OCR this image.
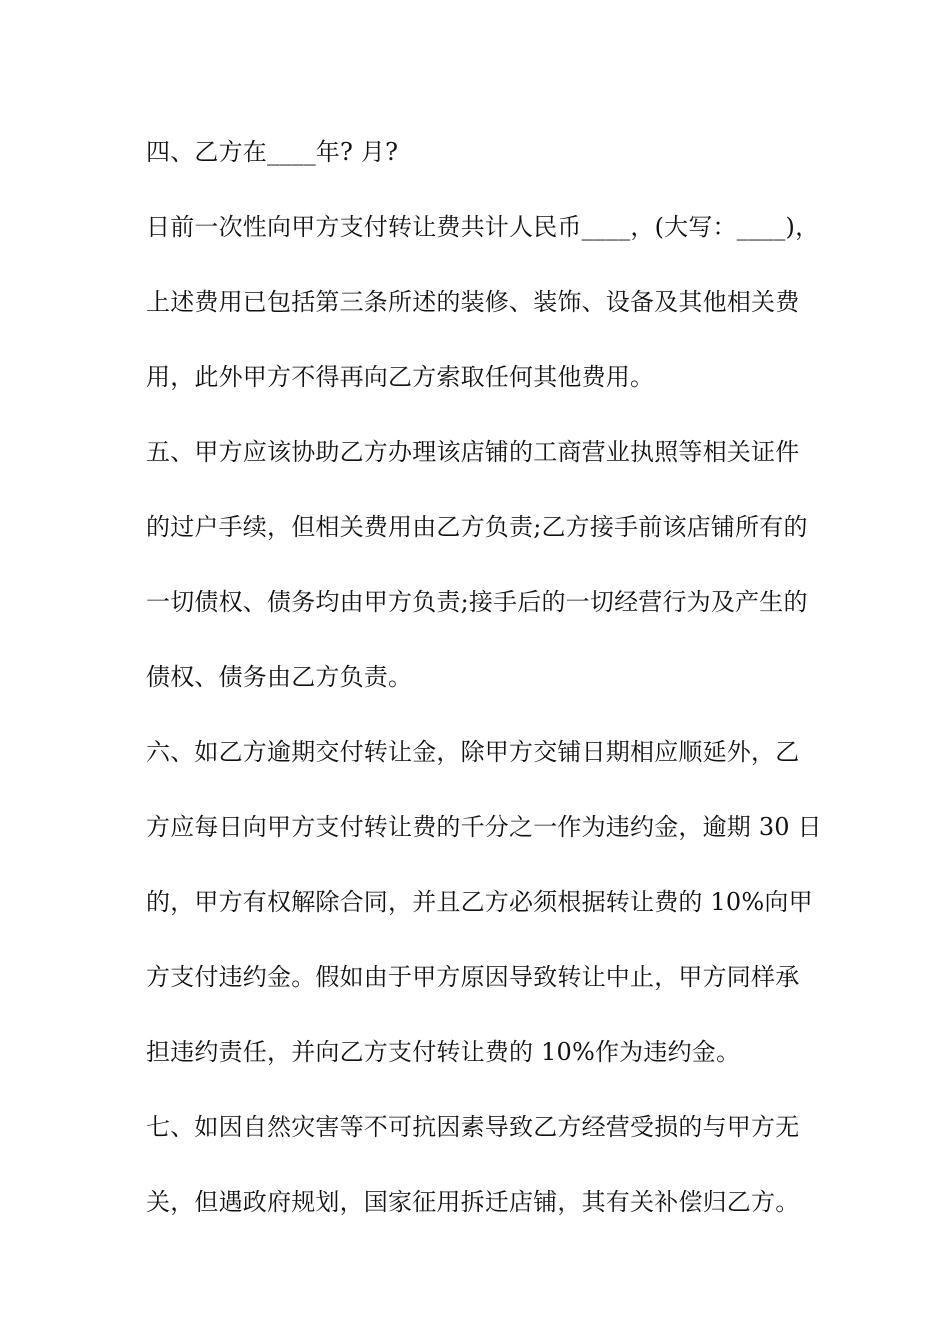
四、乙方在____年? 月?
日前一次性向甲方支付转让费共计人民币____，(大写：____)，
上述费用已包括第三条所述的装修、装饰、设备及其他相关费
用，此外甲方不得再向乙方索取任何其他费用。
五、甲方应该协助乙方办理该店铺的工商营业执照等相关证件
的过户手续，但相关费用由乙方负责;乙方接手前该店铺所有的
一切债权、债务均由甲方负责;接手后的一切经营行为及产生的
债权、债务由乙方负责。
六、如乙方逾期交付转让金，除甲方交铺日期相应顺延外，乙
方应每日向甲方支付转让费的千分之一作为违约金，逾期 30 日
的，甲方有权解除合同，并且乙方必须根据转让费的 10%向甲
方支付违约金。假如由于甲方原因导致转让中止，甲方同样承
担违约责任，并向乙方支付转让费的 10%作为违约金。
七、如因自然灾害等不可抗因素导致乙方经营受损的与甲方无
关，但遇政府规划，国家征用拆迁店铺，其有关补偿归乙方。
